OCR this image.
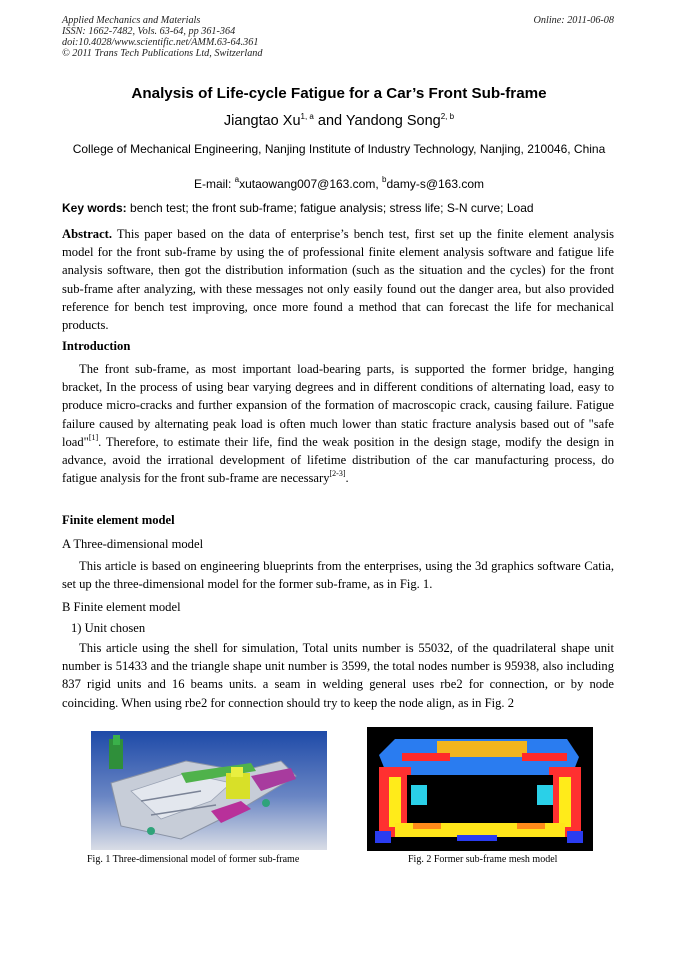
Applied Mechanics and Materials
ISSN: 1662-7482, Vols. 63-64, pp 361-364
doi:10.4028/www.scientific.net/AMM.63-64.361
© 2011 Trans Tech Publications Ltd, Switzerland
Online: 2011-06-08
Analysis of Life-cycle Fatigue for a Car’s Front Sub-frame
Jiangtao Xu$^{1, a}$ and Yandong Song$^{2, b}$
College of Mechanical Engineering, Nanjing Institute of Industry Technology, Nanjing, 210046, China
E-mail: $^a$xutaowang007@163.com, $^b$damy-s@163.com
Key words: bench test; the front sub-frame; fatigue analysis; stress life; S-N curve; Load
Abstract. This paper based on the data of enterprise’s bench test, first set up the finite element analysis model for the front sub-frame by using the of professional finite element analysis software and fatigue life analysis software, then got the distribution information (such as the situation and the cycles) for the front sub-frame after analyzing, with these messages not only easily found out the danger area, but also provided reference for bench test improving, once more found a method that can forecast the life for mechanical products.
Introduction
The front sub-frame, as most important load-bearing parts, is supported the former bridge, hanging bracket, In the process of using bear varying degrees and in different conditions of alternating load, easy to produce micro-cracks and further expansion of the formation of macroscopic crack, causing failure. Fatigue failure caused by alternating peak load is often much lower than static fracture analysis based out of "safe load"[1]. Therefore, to estimate their life, find the weak position in the design stage, modify the design in advance, avoid the irrational development of lifetime distribution of the car manufacturing process, do fatigue analysis for the front sub-frame are necessary[2-3].
Finite element model
A Three-dimensional model
This article is based on engineering blueprints from the enterprises, using the 3d graphics software Catia, set up the three-dimensional model for the former sub-frame, as in Fig. 1.
B Finite element model
1) Unit chosen
This article using the shell for simulation, Total units number is 55032, of the quadrilateral shape unit number is 51433 and the triangle shape unit number is 3599, the total nodes number is 95938, also including 837 rigid units and 16 beams units. a seam in welding general uses rbe2 for connection, or by node coinciding. When using rbe2 for connection should try to keep the node align, as in Fig. 2
Fig. 1 Three-dimensional model of former sub-frame	Fig. 2 Former sub-frame mesh model
